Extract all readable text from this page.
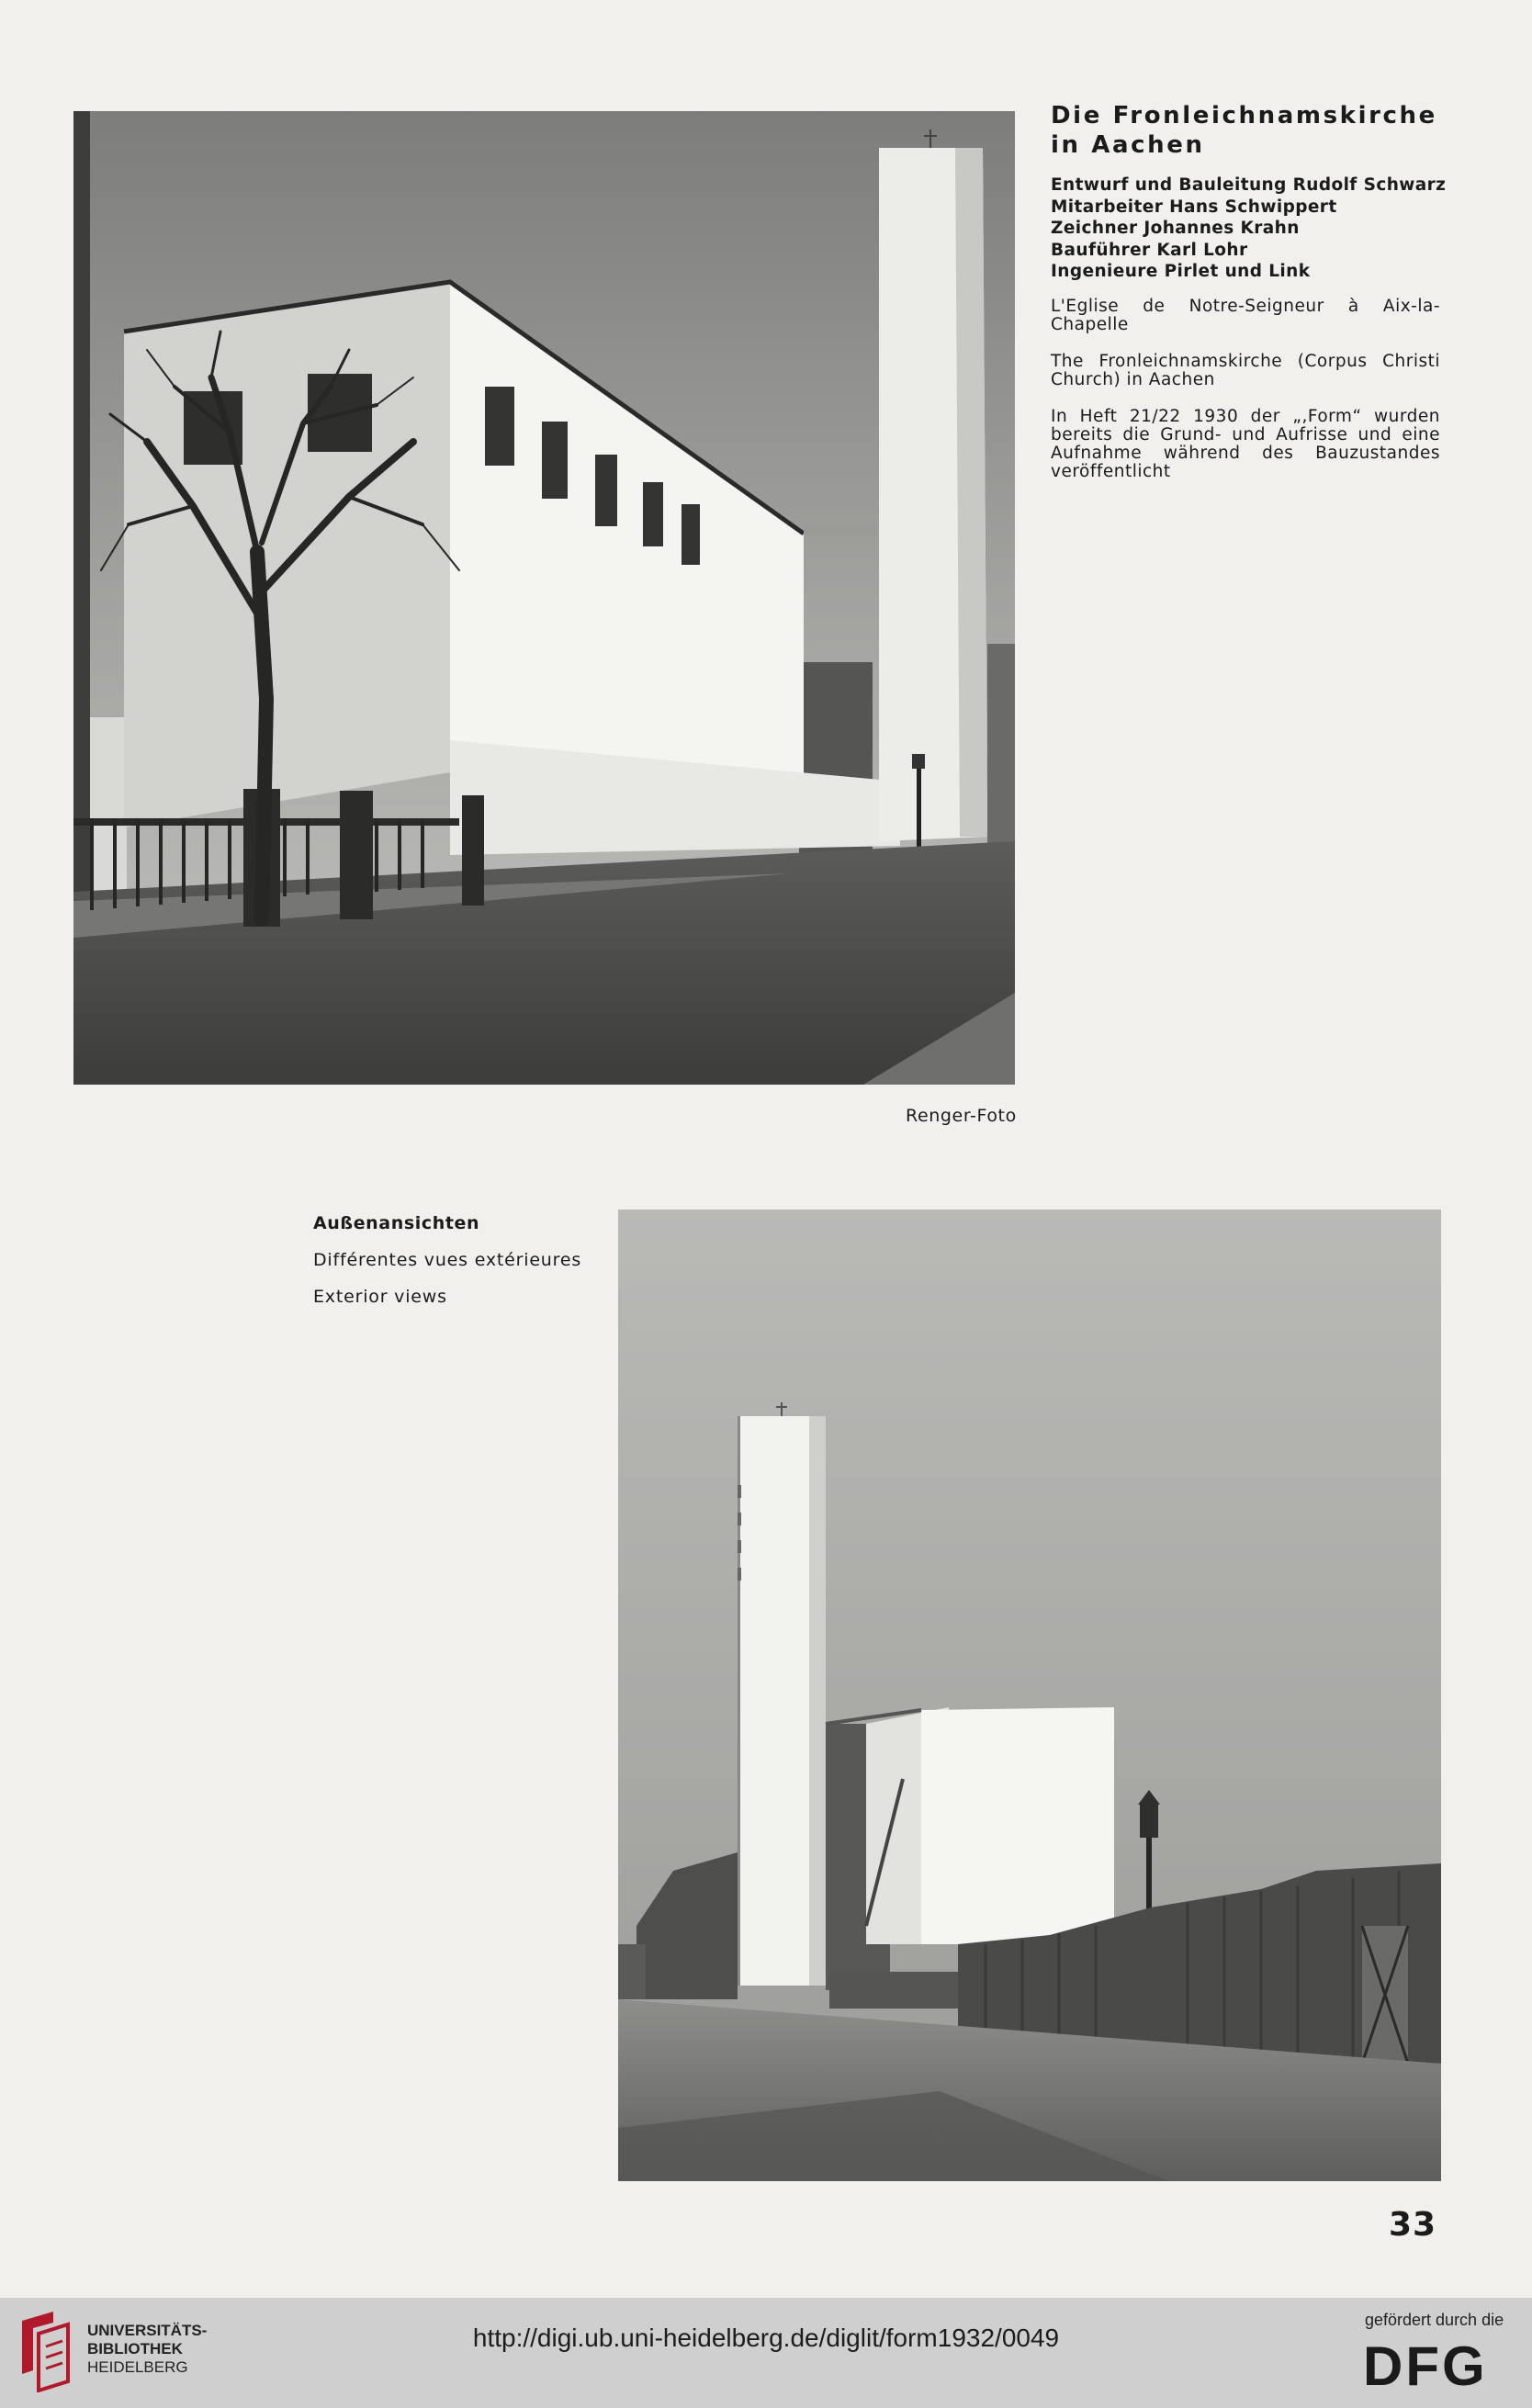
Die Fronleichnamskirche
in Aachen
Entwurf und Bauleitung Rudolf Schwarz
Mitarbeiter Hans Schwippert
Zeichner Johannes Krahn
Bauführer Karl Lohr
Ingenieure Pirlet und Link
L'Eglise de Notre-Seigneur à Aix-la-Chapelle
The Fronleichnamskirche (Corpus Christi Church) in Aachen
In Heft 21/22 1930 der „,Form“ wurden bereits die Grund- und Aufrisse und eine Aufnahme während des Bauzustandes veröffentlicht
Renger-Foto
Außenansichten
Différentes vues extérieures
Exterior views
33
UNIVERSITÄTS-
BIBLIOTHEK
HEIDELBERG
http://digi.ub.uni-heidelberg.de/diglit/form1932/0049
gefördert durch die
DFG
